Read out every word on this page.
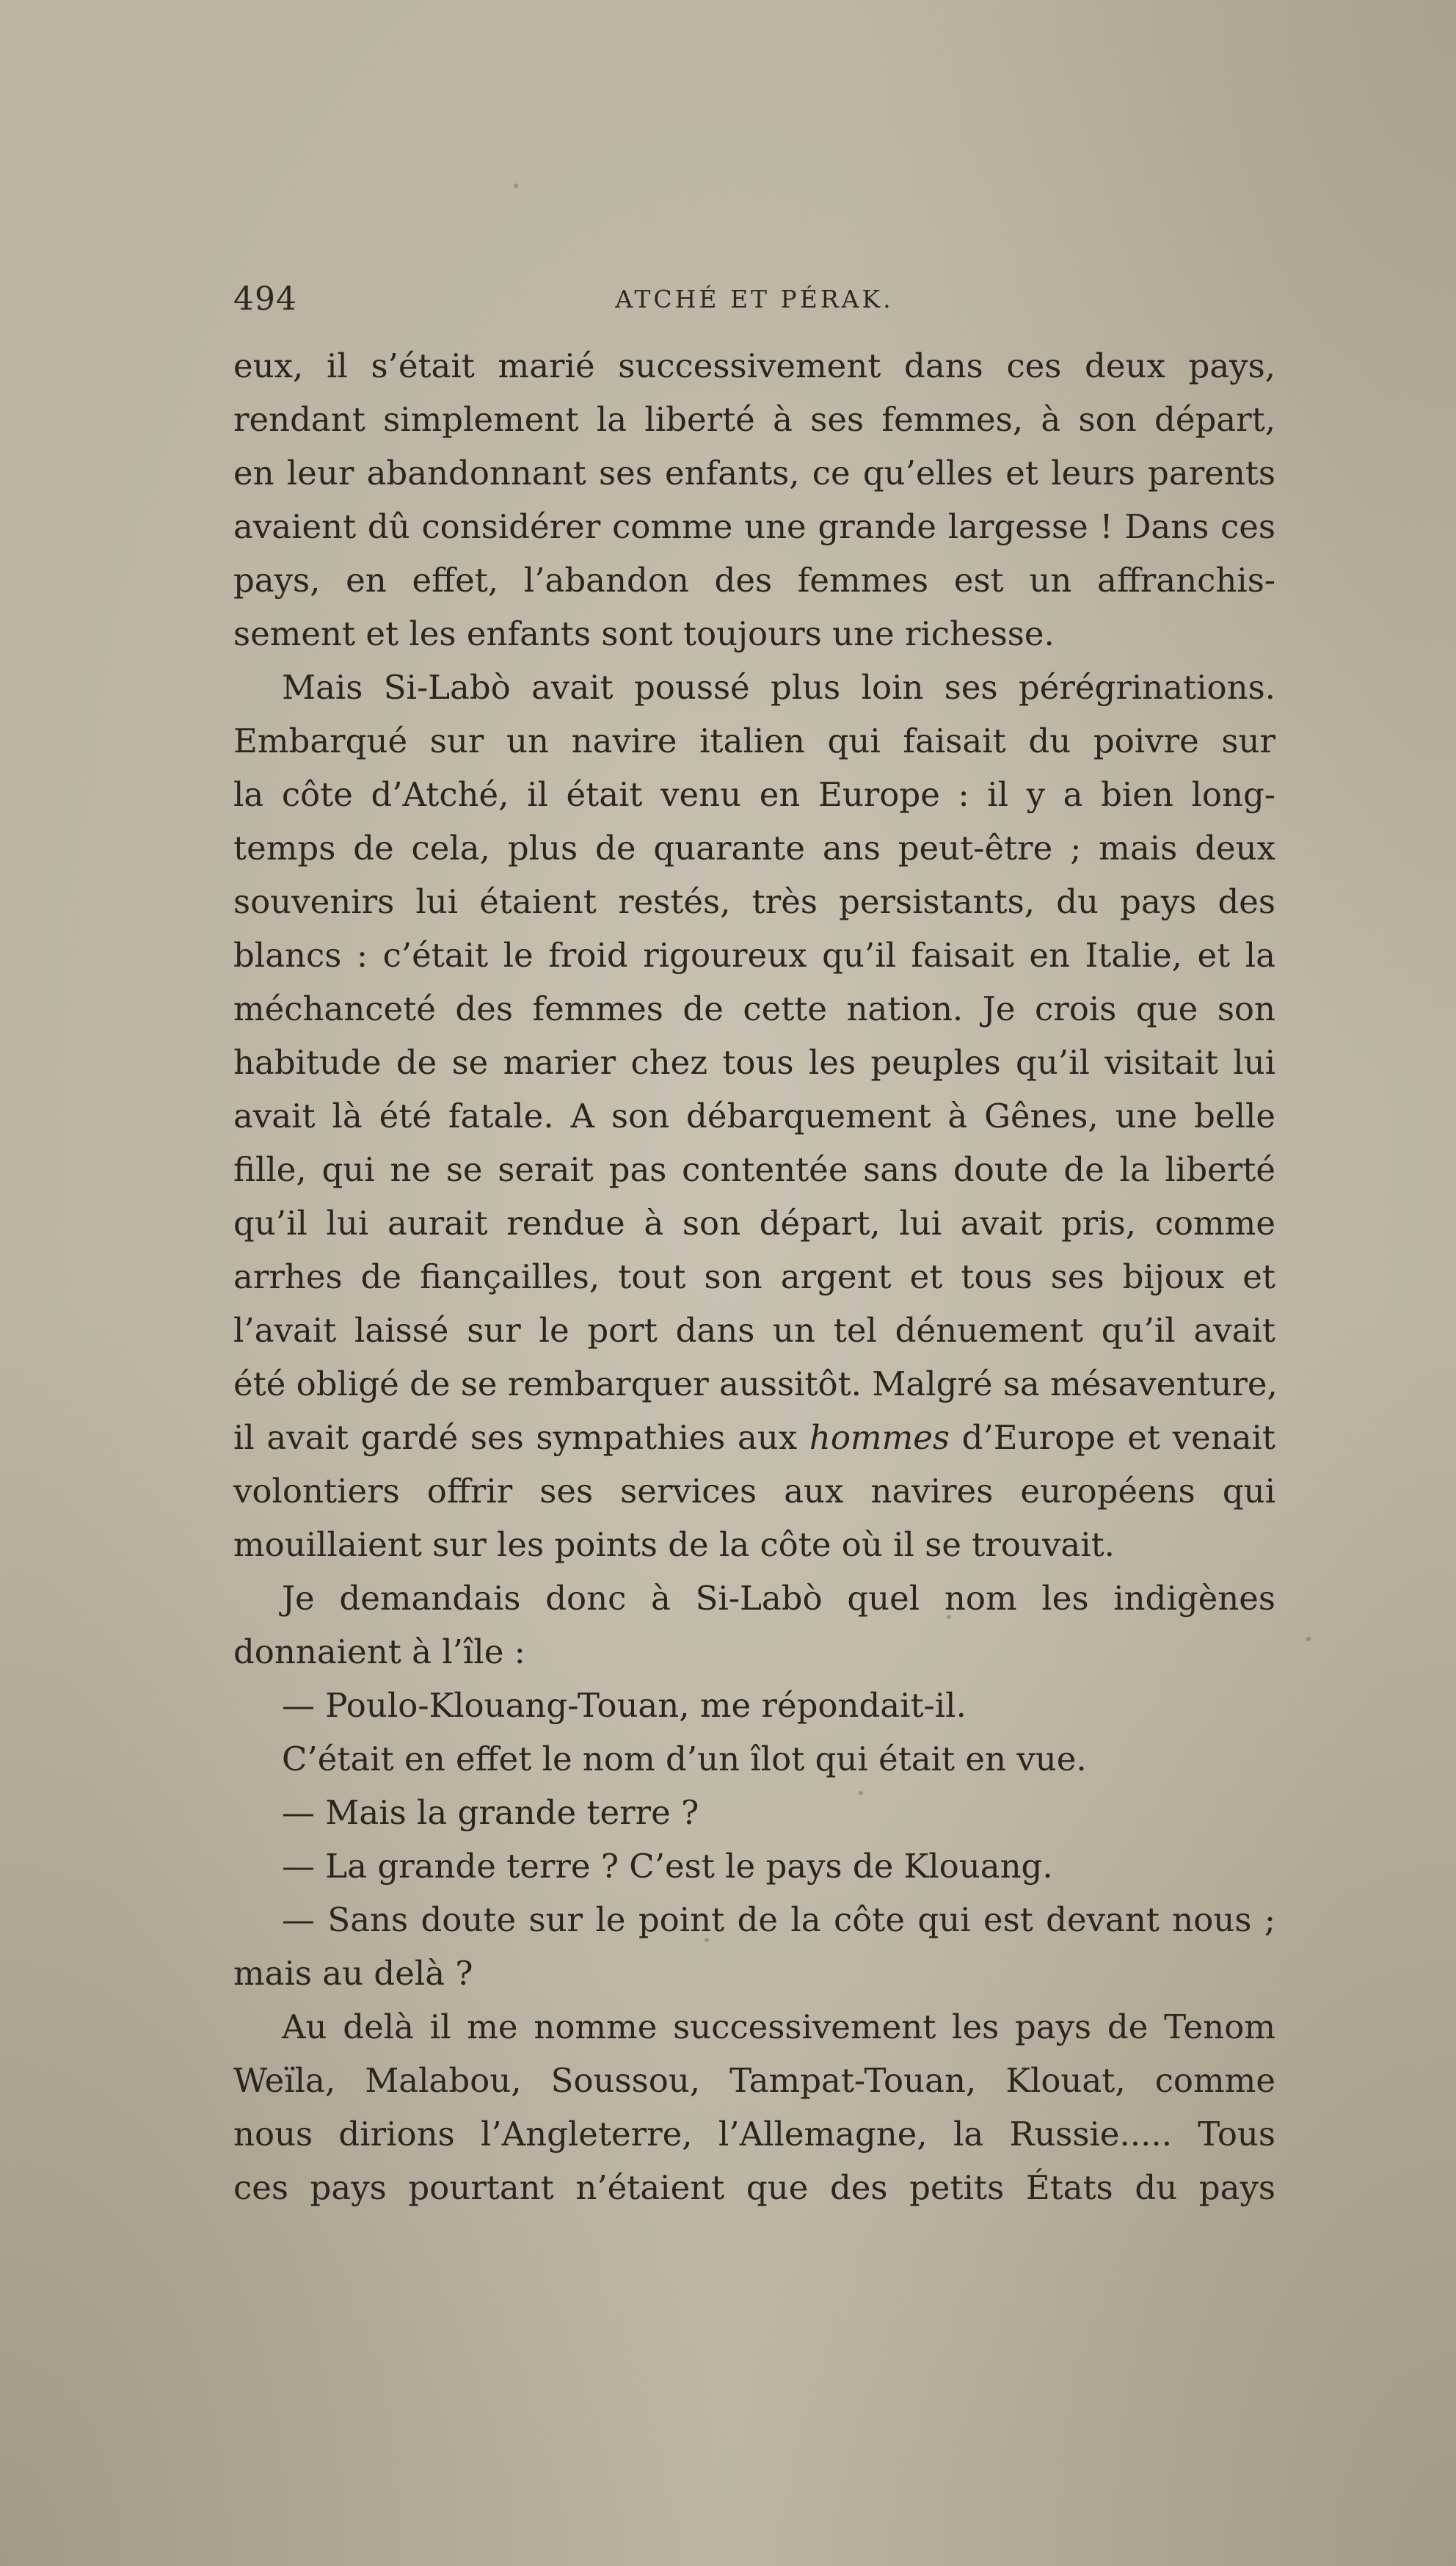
494	ATCHÉ ET PÉRAK.
eux, il s’était marié successivement dans ces deux pays,
rendant simplement la liberté à ses femmes, à son départ,
en leur abandonnant ses enfants, ce qu’elles et leurs parents
avaient dû considérer comme une grande largesse ! Dans ces
pays, en effet, l’abandon des femmes est un affranchis-
sement et les enfants sont toujours une richesse.
Mais Si-Labò avait poussé plus loin ses pérégrinations.
Embarqué sur un navire italien qui faisait du poivre sur
la côte d’Atché, il était venu en Europe : il y a bien long-
temps de cela, plus de quarante ans peut-être ; mais deux
souvenirs lui étaient restés, très persistants, du pays des
blancs : c’était le froid rigoureux qu’il faisait en Italie, et la
méchanceté des femmes de cette nation. Je crois que son
habitude de se marier chez tous les peuples qu’il visitait lui
avait là été fatale. A son débarquement à Gênes, une belle
fille, qui ne se serait pas contentée sans doute de la liberté
qu’il lui aurait rendue à son départ, lui avait pris, comme
arrhes de fiançailles, tout son argent et tous ses bijoux et
l’avait laissé sur le port dans un tel dénuement qu’il avait
été obligé de se rembarquer aussitôt. Malgré sa mésaventure,
il avait gardé ses sympathies aux hommes d’Europe et venait
volontiers offrir ses services aux navires européens qui
mouillaient sur les points de la côte où il se trouvait.
Je demandais donc à Si-Labò quel nom les indigènes
donnaient à l’île :
— Poulo-Klouang-Touan, me répondait-il.
C’était en effet le nom d’un îlot qui était en vue.
— Mais la grande terre ?
— La grande terre ? C’est le pays de Klouang.
— Sans doute sur le point de la côte qui est devant nous ;
mais au delà ?
Au delà il me nomme successivement les pays de Tenom
Weïla, Malabou, Soussou, Tampat-Touan, Klouat, comme
nous dirions l’Angleterre, l’Allemagne, la Russie..... Tous
ces pays pourtant n’étaient que des petits États du pays
